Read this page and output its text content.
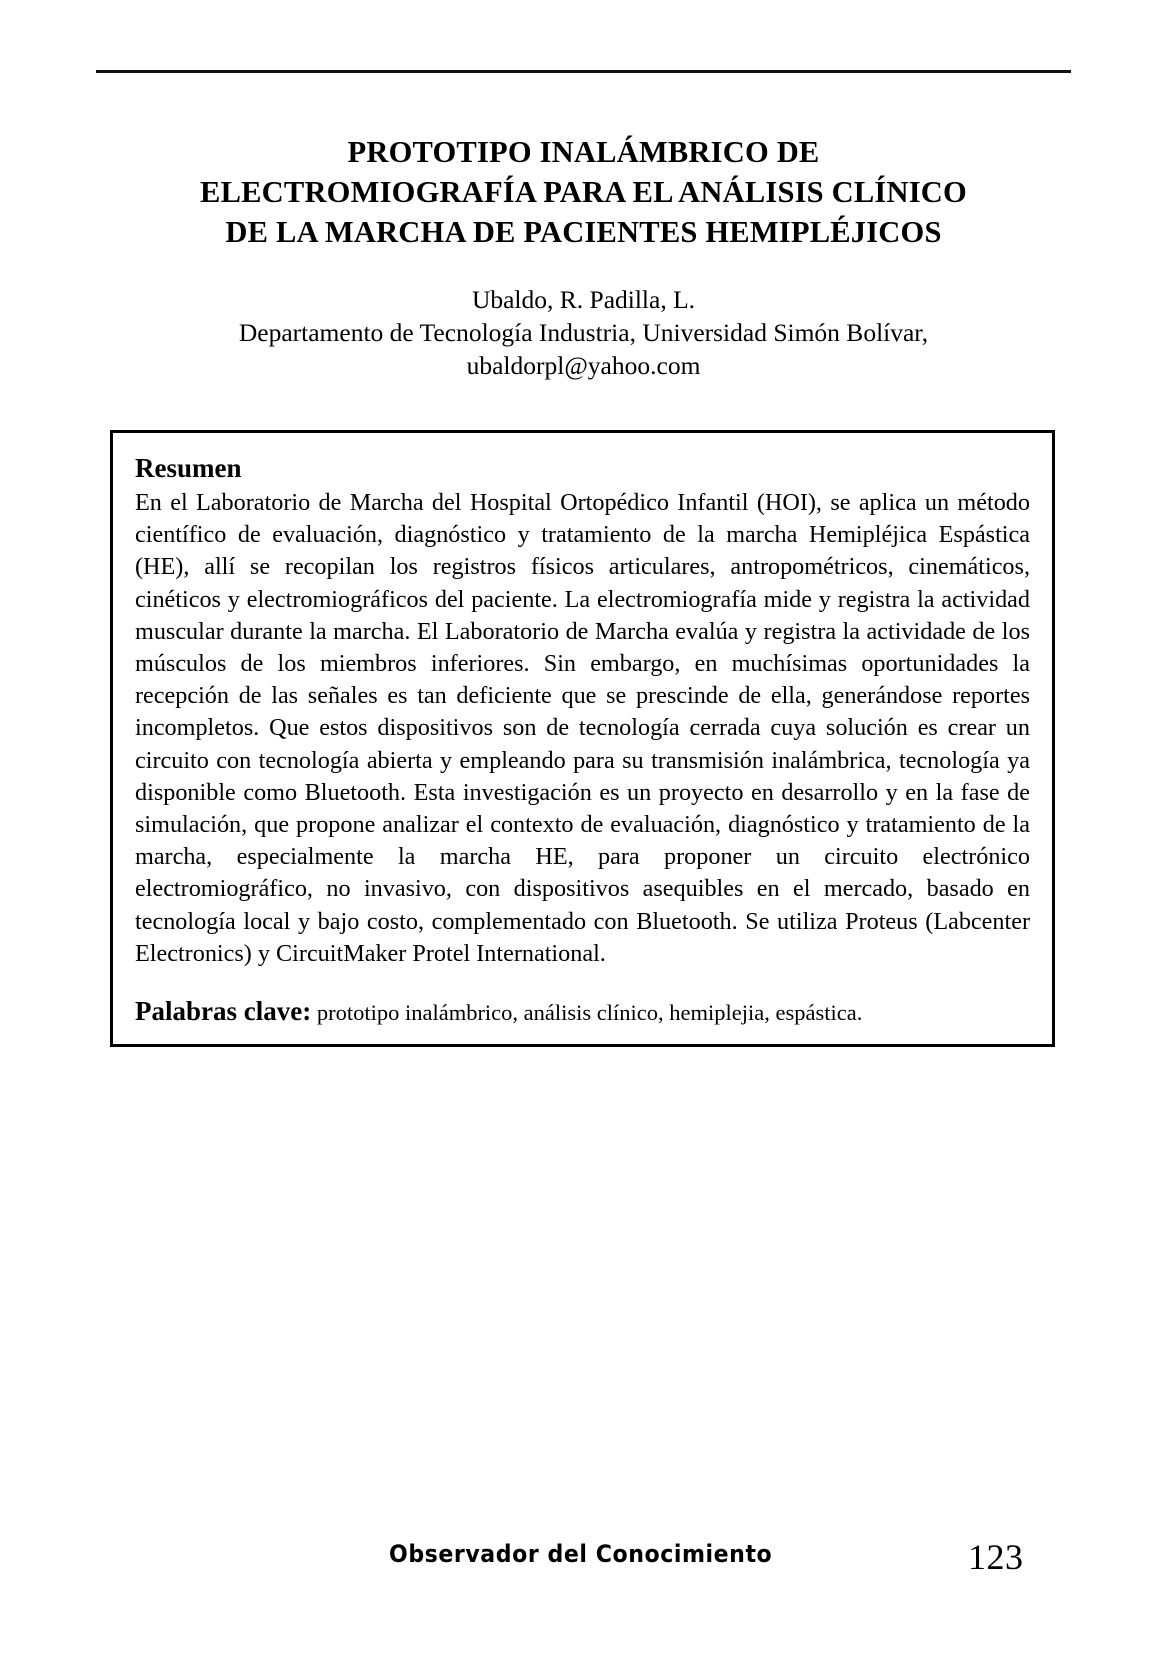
PROTOTIPO INALÁMBRICO DE
ELECTROMIOGRAFÍA PARA EL ANÁLISIS CLÍNICO
DE LA MARCHA DE PACIENTES HEMIPLÉJICOS
Ubaldo, R. Padilla, L.
Departamento de Tecnología Industria, Universidad Simón Bolívar,
ubaldorpl@yahoo.com
Resumen

En el Laboratorio de Marcha del Hospital Ortopédico Infantil (HOI), se aplica un método científico de evaluación, diagnóstico y tratamiento de la marcha Hemipléjica Espástica (HE), allí se recopilan los registros físicos articulares, antropométricos, cinemáticos, cinéticos y electromiográficos del paciente. La electromiografía mide y registra la actividad muscular durante la marcha. El Laboratorio de Marcha evalúa y registra la actividade de los músculos de los miembros inferiores. Sin embargo, en muchísimas oportunidades la recepción de las señales es tan deficiente que se prescinde de ella, generándose reportes incompletos. Que estos dispositivos son de tecnología cerrada cuya solución es crear un circuito con tecnología abierta y empleando para su transmisión inalámbrica, tecnología ya disponible como Bluetooth. Esta investigación es un proyecto en desarrollo y en la fase de simulación, que propone analizar el contexto de evaluación, diagnóstico y tratamiento de la marcha, especialmente la marcha HE, para proponer un circuito electrónico electromiográfico, no invasivo, con dispositivos asequibles en el mercado, basado en tecnología local y bajo costo, complementado con Bluetooth. Se utiliza Proteus (Labcenter Electronics) y CircuitMaker Protel International.

Palabras clave: prototipo inalámbrico, análisis clínico, hemiplejia, espástica.
Observador del Conocimiento	123
